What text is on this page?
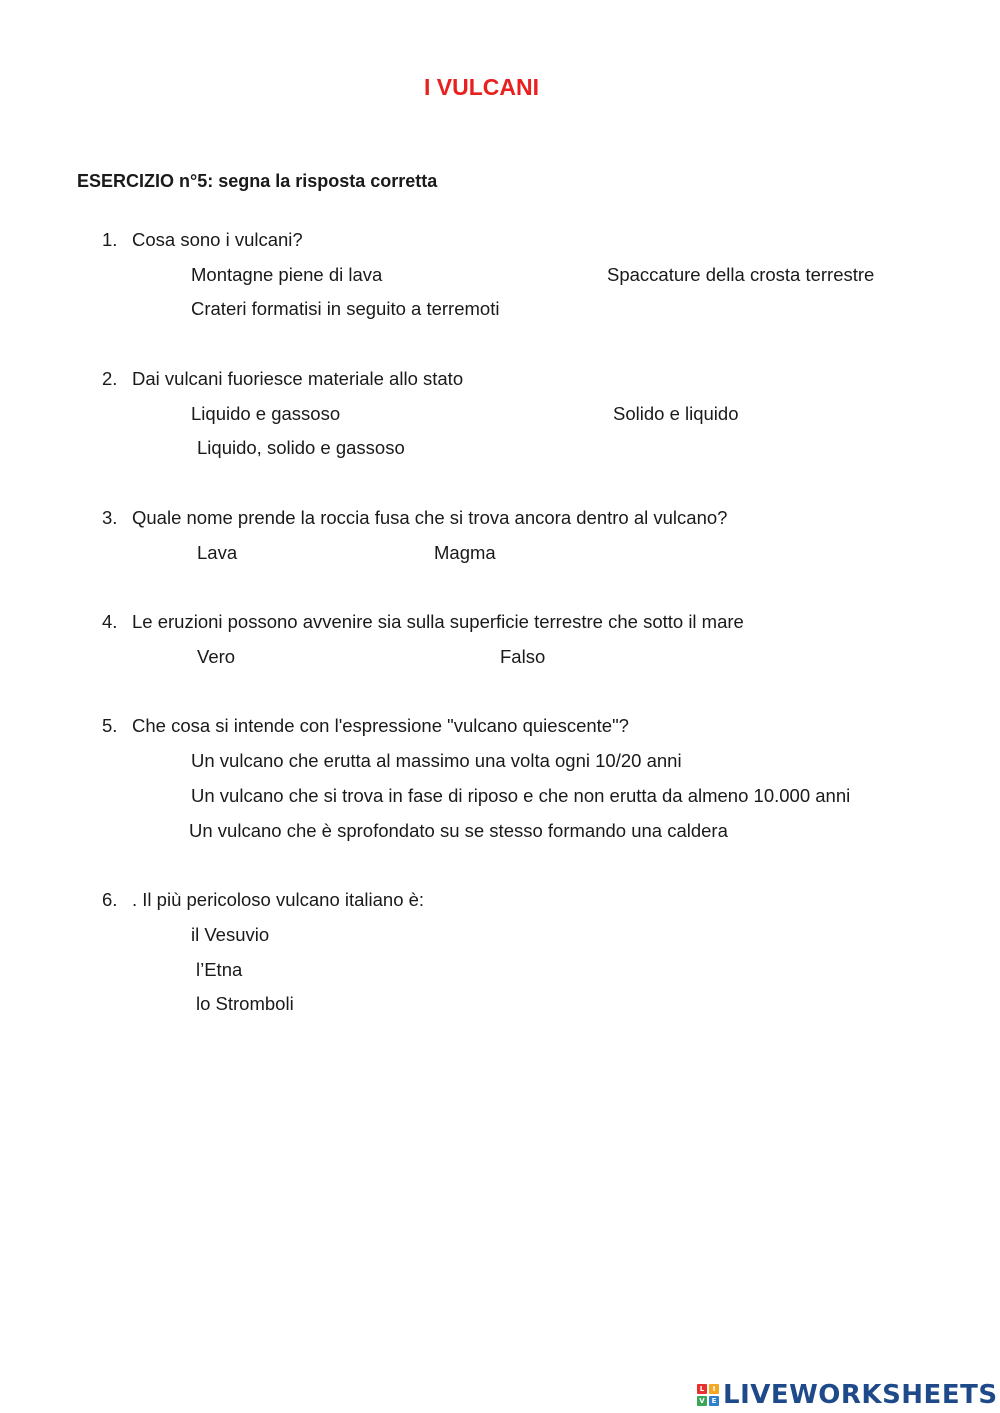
I VULCANI
ESERCIZIO n°5: segna la risposta corretta
1. Cosa sono i vulcani?
Montagne piene di lava	Spaccature della crosta terrestre
Crateri formatisi in seguito a terremoti
2. Dai vulcani fuoriesce materiale allo stato
Liquido e gassoso	Solido e liquido
Liquido, solido e gassoso
3. Quale nome prende la roccia fusa che si trova ancora dentro al vulcano?
Lava	Magma
4. Le eruzioni possono avvenire sia sulla superficie terrestre che sotto il mare
Vero	Falso
5. Che cosa si intende con l'espressione "vulcano quiescente"?
Un vulcano che erutta al massimo una volta ogni 10/20 anni
Un vulcano che si trova in fase di riposo e che non erutta da almeno 10.000 anni
Un vulcano che è sprofondato su se stesso formando una caldera
6. . Il più pericoloso vulcano italiano è:
il Vesuvio
l’Etna
lo Stromboli
L	I
V E LIVEWORKSHEETS
